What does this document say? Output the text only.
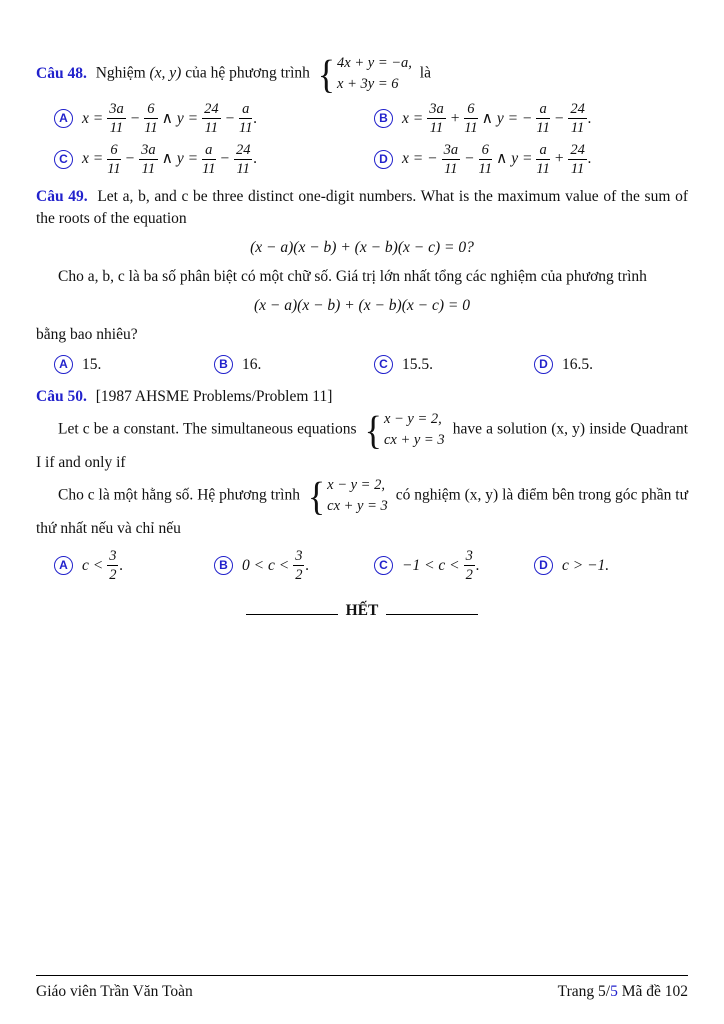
Câu 48. Nghiệm (x, y) của hệ phương trình { 4x + y = −a,
x + 3y = 6
là
A $x = \frac{3a}{11} - \frac{6}{11}$ ∧ $y = \frac{24}{11} - \frac{a}{11}$ .	B $x = \frac{3a}{11} + \frac{6}{11}$ ∧ y = − $\frac{a}{11} - \frac{24}{11}$ .
C $x = \frac{6}{11} - \frac{3a}{11}$ ∧ $y = \frac{a}{11} - \frac{24}{11}$ .	D x = − $\frac{3a}{11} - \frac{6}{11}$ ∧ $y = \frac{a}{11} + \frac{24}{11}$ .

Câu 49. Let a, b, and c be three distinct one-digit numbers. What is the maximum value of the sum of the roots of the equation

(x − a)(x − b) + (x − b)(x − c) = 0?

Cho a, b, c là ba số phân biệt có một chữ số. Giá trị lớn nhất tổng các nghiệm của phương trình

(x − a)(x − b) + (x − b)(x − c) = 0

bằng bao nhiêu?

A 15.	B 16.	C 15.5.	D 16.5.

Câu 50. [1987 AHSME Problems/Problem 11]

Let c be a constant. The simultaneous equations { x − y = 2,
cx + y = 3
have a solution (x, y) inside Quadrant I if and only if

Cho c là một hằng số. Hệ phương trình { x − y = 2,
cx + y = 3
có nghiệm (x, y) là điểm bên trong góc phần tư thứ nhất nếu và chỉ nếu

A $c < \frac{3}{2}$ .	B $0 < c < \frac{3}{2}$ .	$C -1 < c < \frac{3}{2}$ .	D c > −1.
HẾT
Giáo viên Trần Văn Toàn	Trang 5/5 Mã đề 102
